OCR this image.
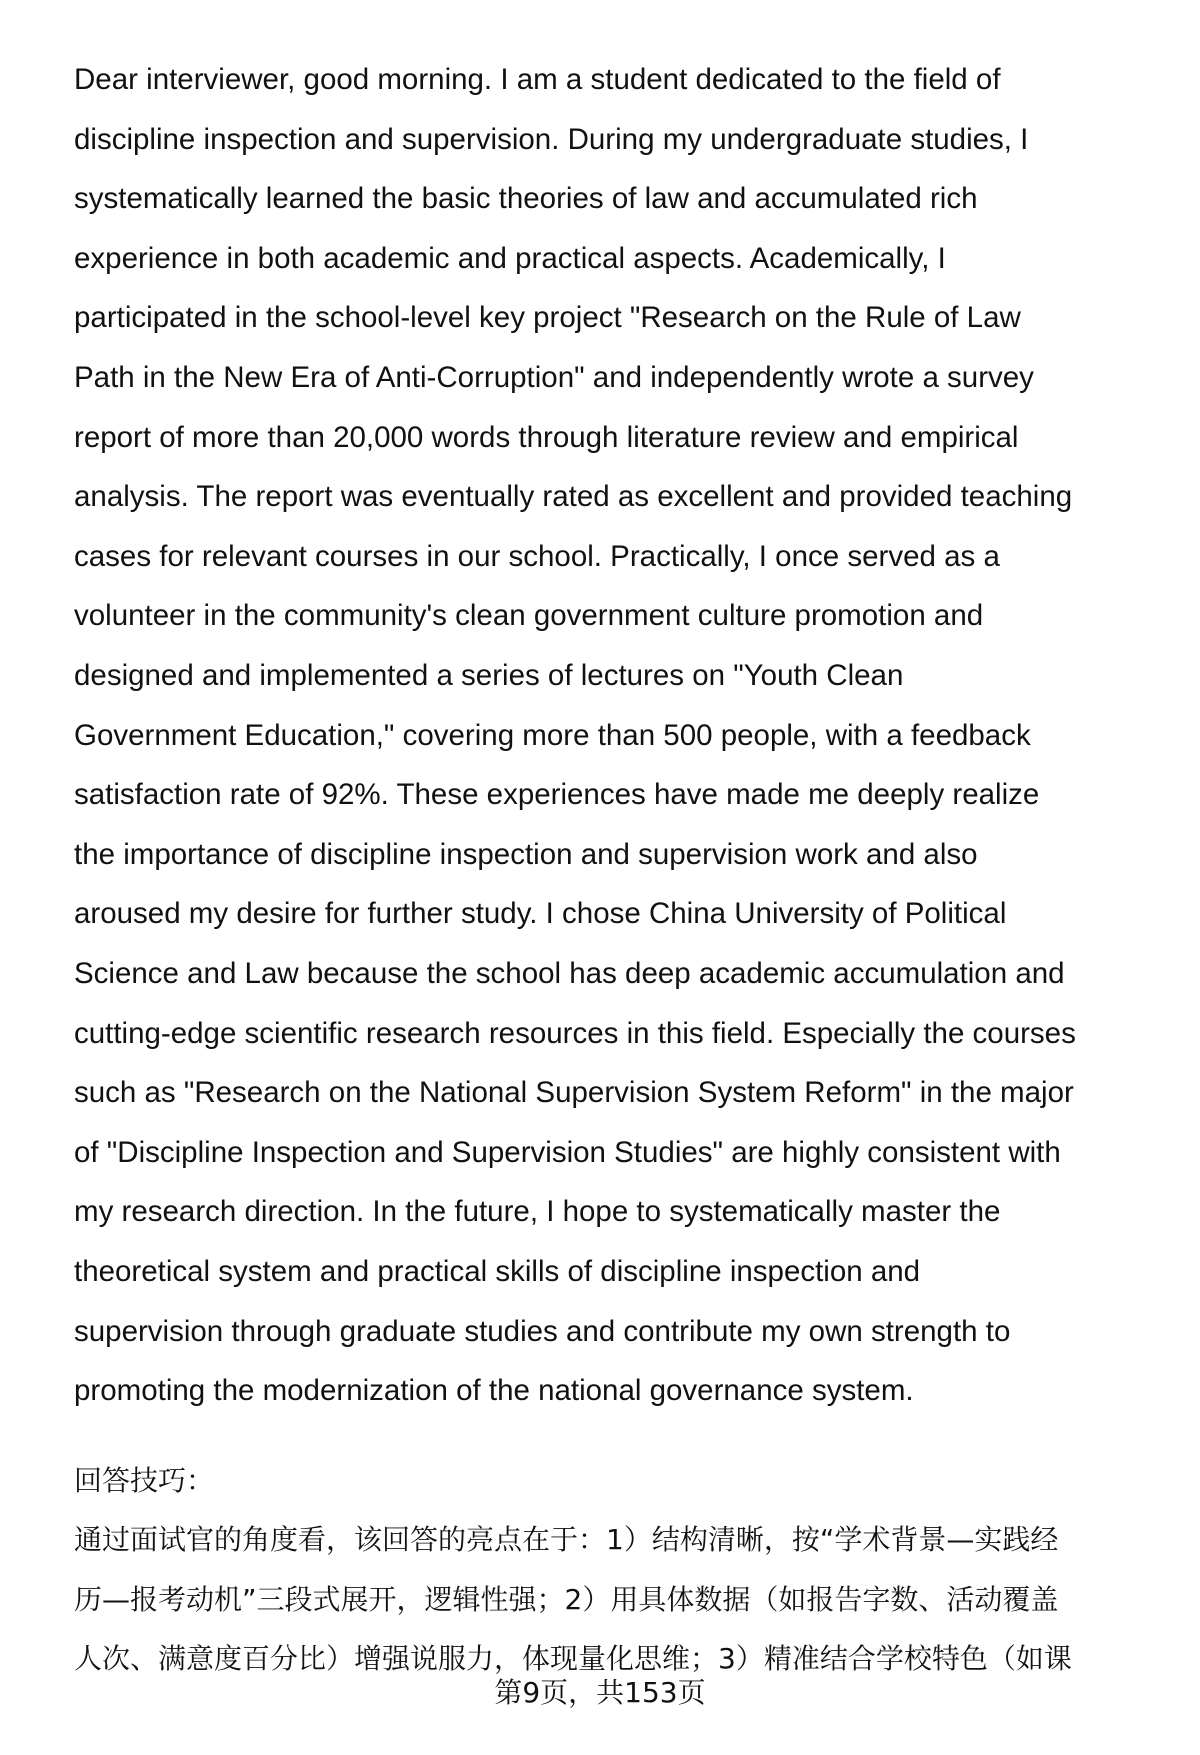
Dear interviewer, good morning. I am a student dedicated to the field of
discipline inspection and supervision. During my undergraduate studies, I
systematically learned the basic theories of law and accumulated rich
experience in both academic and practical aspects. Academically, I
participated in the school-level key project "Research on the Rule of Law
Path in the New Era of Anti-Corruption" and independently wrote a survey
report of more than 20,000 words through literature review and empirical
analysis. The report was eventually rated as excellent and provided teaching
cases for relevant courses in our school. Practically, I once served as a
volunteer in the community's clean government culture promotion and
designed and implemented a series of lectures on "Youth Clean
Government Education," covering more than 500 people, with a feedback
satisfaction rate of 92%. These experiences have made me deeply realize
the importance of discipline inspection and supervision work and also
aroused my desire for further study. I chose China University of Political
Science and Law because the school has deep academic accumulation and
cutting-edge scientific research resources in this field. Especially the courses
such as "Research on the National Supervision System Reform" in the major
of "Discipline Inspection and Supervision Studies" are highly consistent with
my research direction. In the future, I hope to systematically master the
theoretical system and practical skills of discipline inspection and
supervision through graduate studies and contribute my own strength to
promoting the modernization of the national governance system.
回答技巧：
通过面试官的角度看，该回答的亮点在于：1）结构清晰，按“学术背景—实践经
历—报考动机”三段式展开，逻辑性强；2）用具体数据（如报告字数、活动覆盖
人次、满意度百分比）增强说服力，体现量化思维；3）精准结合学校特色（如课
第9页，共153页
